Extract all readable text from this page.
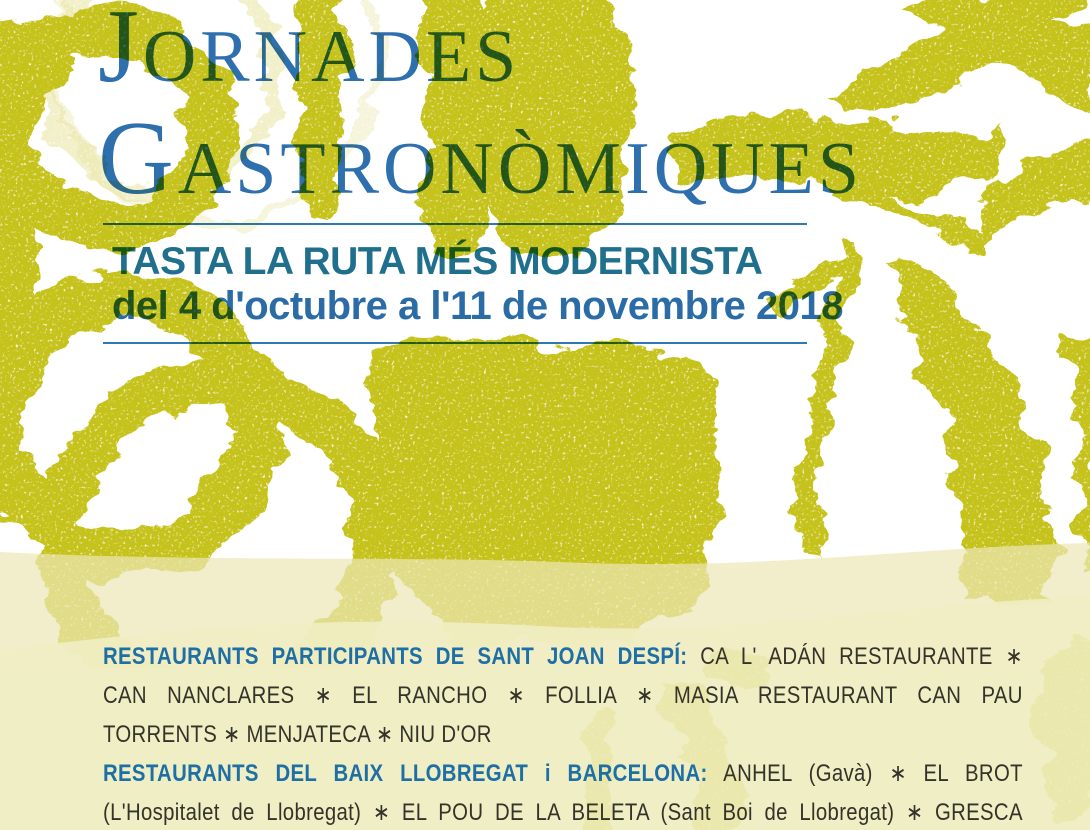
Jornades
Gastronòmiques
TASTA LA RUTA MÉS MODERNISTA
del 4 d'octubre a l'11 de novembre 2018
RESTAURANTS PARTICIPANTS DE SANT JOAN DESPÍ: CA L' ADÁN RESTAURANTE ∗
CAN NANCLARES ∗ EL RANCHO ∗ FOLLIA ∗ MASIA RESTAURANT CAN PAU
TORRENTS ∗ MENJATECA ∗ NIU D'OR
RESTAURANTS DEL BAIX LLOBREGAT i BARCELONA: ANHEL (Gavà) ∗ EL BROT
(L'Hospitalet de Llobregat) ∗ EL POU DE LA BELETA (Sant Boi de Llobregat) ∗ GRESCA
